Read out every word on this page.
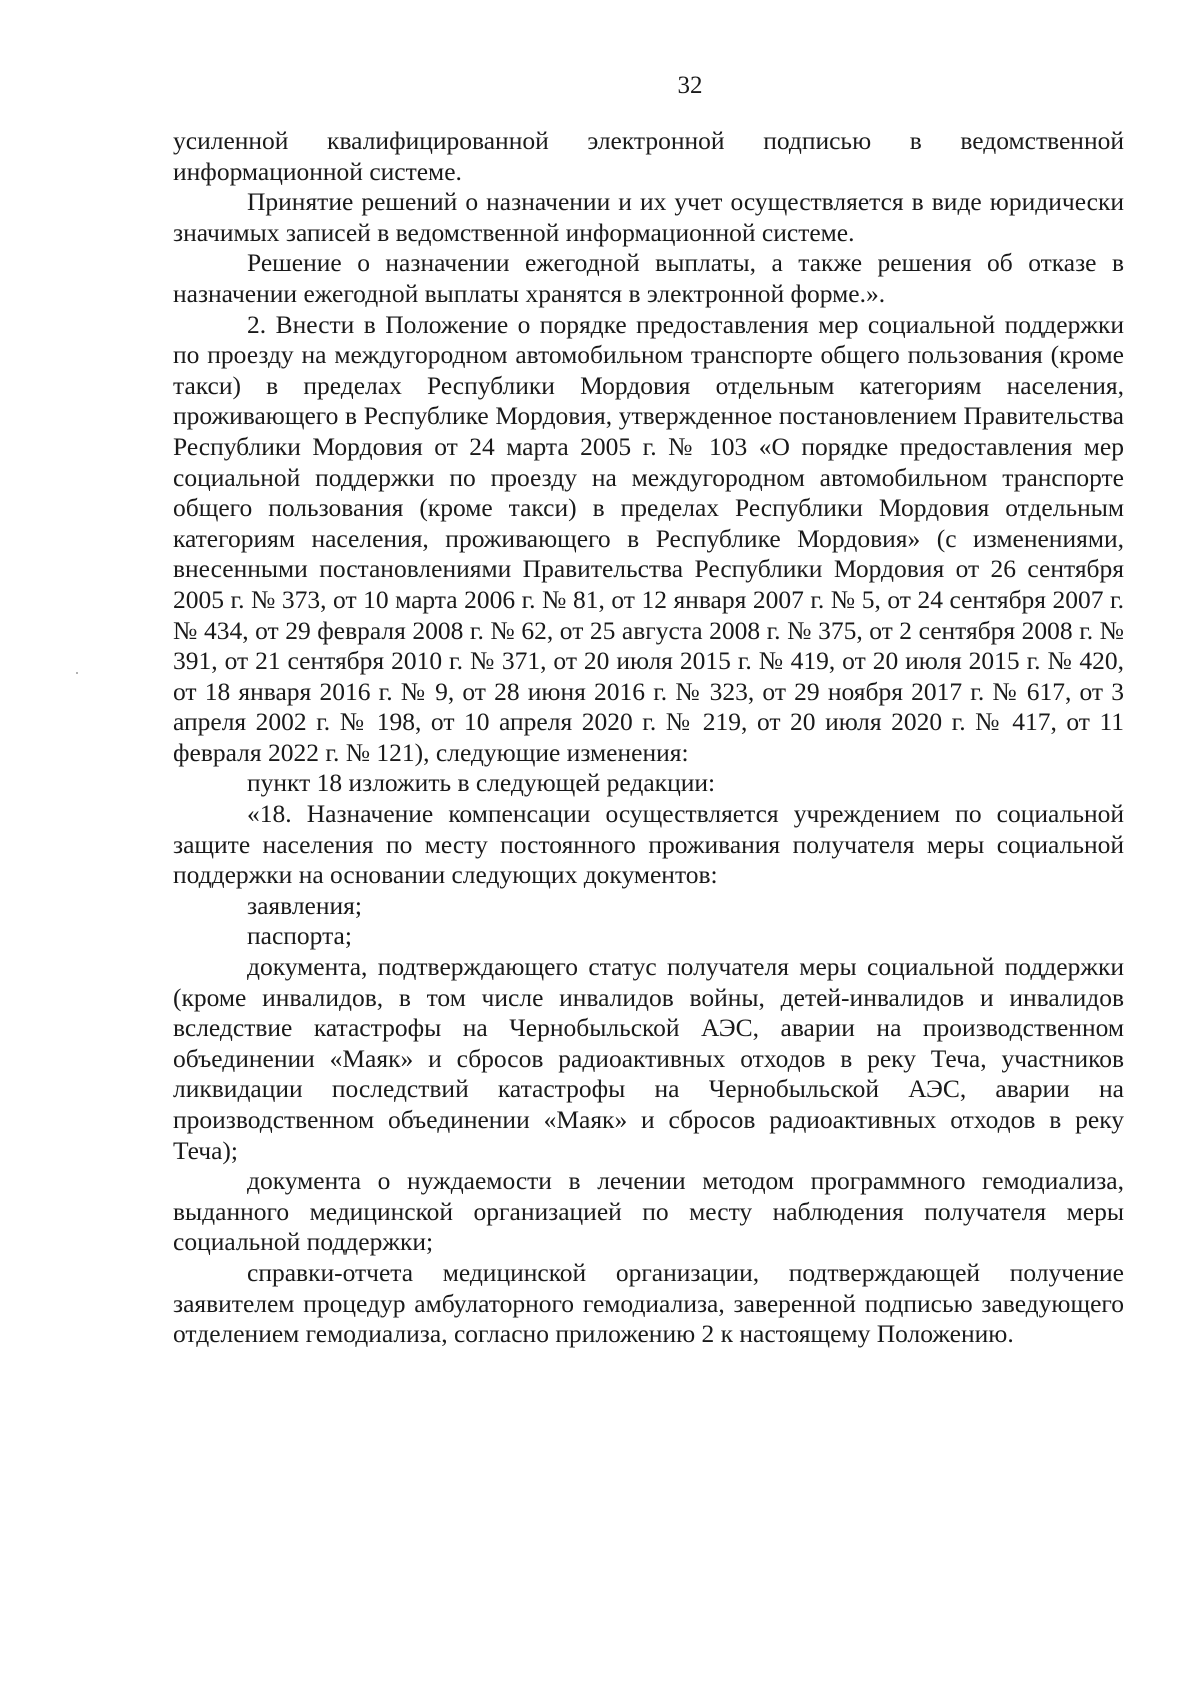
32

усиленной квалифицированной электронной подписью в ведомственной информационной системе.

Принятие решений о назначении и их учет осуществляется в виде юридически значимых записей в ведомственной информационной системе.

Решение о назначении ежегодной выплаты, а также решения об отказе в назначении ежегодной выплаты хранятся в электронной форме.».

2. Внести в Положение о порядке предоставления мер социальной поддержки по проезду на междугородном автомобильном транспорте общего пользования (кроме такси) в пределах Республики Мордовия отдельным категориям населения, проживающего в Республике Мордовия, утвержденное постановлением Правительства Республики Мордовия от 24 марта 2005 г. № 103 «О порядке предоставления мер социальной поддержки по проезду на междугородном автомобильном транспорте общего пользования (кроме такси) в пределах Республики Мордовия отдельным категориям населения, проживающего в Республике Мордовия» (с изменениями, внесенными постановлениями Правительства Республики Мордовия от 26 сентября 2005 г. № 373, от 10 марта 2006 г. № 81, от 12 января 2007 г. № 5, от 24 сентября 2007 г. № 434, от 29 февраля 2008 г. № 62, от 25 августа 2008 г. № 375, от 2 сентября 2008 г. № 391, от 21 сентября 2010 г. № 371, от 20 июля 2015 г. № 419, от 20 июля 2015 г. № 420, от 18 января 2016 г. № 9, от 28 июня 2016 г. № 323, от 29 ноября 2017 г. № 617, от 3 апреля 2002 г. № 198, от 10 апреля 2020 г. № 219, от 20 июля 2020 г. № 417, от 11 февраля 2022 г. № 121), следующие изменения:

пункт 18 изложить в следующей редакции:

«18. Назначение компенсации осуществляется учреждением по социальной защите населения по месту постоянного проживания получателя меры социальной поддержки на основании следующих документов:

заявления;

паспорта;

документа, подтверждающего статус получателя меры социальной поддержки (кроме инвалидов, в том числе инвалидов войны, детей-инвалидов и инвалидов вследствие катастрофы на Чернобыльской АЭС, аварии на производственном объединении «Маяк» и сбросов радиоактивных отходов в реку Теча, участников ликвидации последствий катастрофы на Чернобыльской АЭС, аварии на производственном объединении «Маяк» и сбросов радиоактивных отходов в реку Теча);

документа о нуждаемости в лечении методом программного гемодиализа, выданного медицинской организацией по месту наблюдения получателя меры социальной поддержки;

справки-отчета медицинской организации, подтверждающей получение заявителем процедур амбулаторного гемодиализа, заверенной подписью заведующего отделением гемодиализа, согласно приложению 2 к настоящему Положению.
